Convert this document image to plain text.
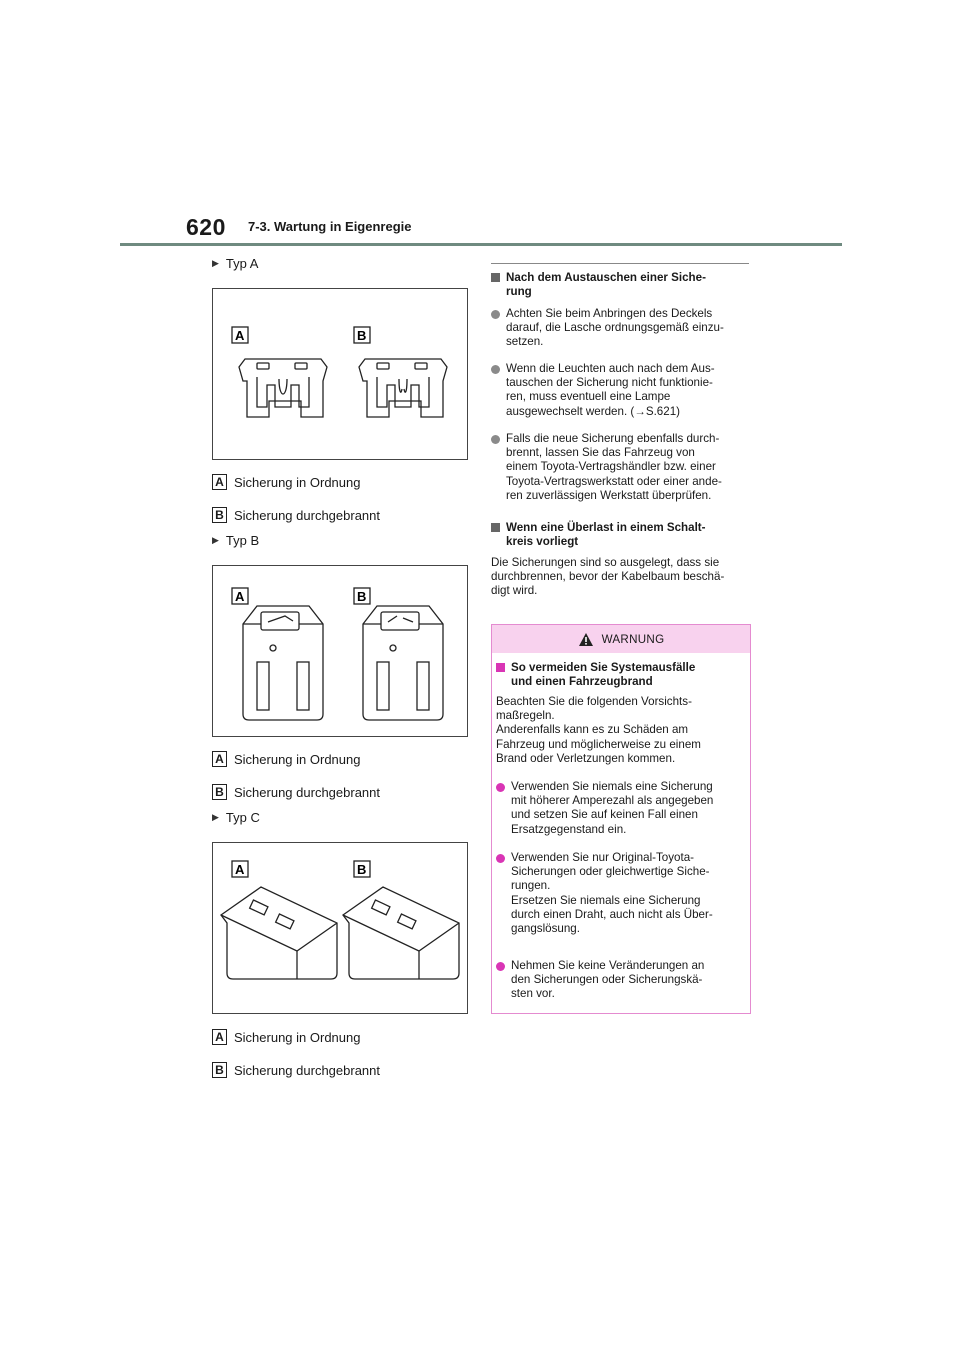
620 7-3. Wartung in Eigenregie
▶ Typ A
A	B
A Sicherung in Ordnung
B Sicherung durchgebrannt
▶ Typ B
A	B
A Sicherung in Ordnung
B Sicherung durchgebrannt
▶ Typ C
A	B
A Sicherung in Ordnung
B Sicherung durchgebrannt
Nach dem Austauschen einer Siche-
rung
Achten Sie beim Anbringen des Deckels
darauf, die Lasche ordnungsgemäß einzu-
setzen.
Wenn die Leuchten auch nach dem Aus-
tauschen der Sicherung nicht funktionie-
ren, muss eventuell eine Lampe
ausgewechselt werden. (→S.621)
Falls die neue Sicherung ebenfalls durch-
brennt, lassen Sie das Fahrzeug von
einem Toyota-Vertragshändler bzw. einer
Toyota-Vertragswerkstatt oder einer ande-
ren zuverlässigen Werkstatt überprüfen.
Wenn eine Überlast in einem Schalt-
kreis vorliegt
Die Sicherungen sind so ausgelegt, dass sie
durchbrennen, bevor der Kabelbaum beschä-
digt wird.
WARNUNG
So vermeiden Sie Systemausfälle
und einen Fahrzeugbrand
Beachten Sie die folgenden Vorsichts-
maßregeln.
Anderenfalls kann es zu Schäden am
Fahrzeug und möglicherweise zu einem
Brand oder Verletzungen kommen.
Verwenden Sie niemals eine Sicherung
mit höherer Amperezahl als angegeben
und setzen Sie auf keinen Fall einen
Ersatzgegenstand ein.
Verwenden Sie nur Original-Toyota-
Sicherungen oder gleichwertige Siche-
rungen.
Ersetzen Sie niemals eine Sicherung
durch einen Draht, auch nicht als Über-
gangslösung.
Nehmen Sie keine Veränderungen an
den Sicherungen oder Sicherungskä-
sten vor.
